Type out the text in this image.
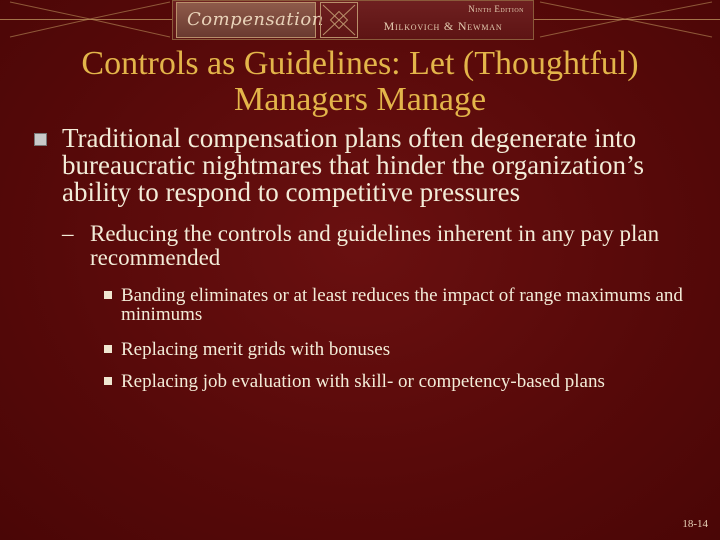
Compensation	Ninth Edition
Milkovich & Newman
Controls as Guidelines: Let (Thoughtful) Managers Manage
Traditional compensation plans often degenerate into bureaucratic nightmares that hinder the organization’s ability to respond to competitive pressures
– Reducing the controls and guidelines inherent in any pay plan recommended
Banding eliminates or at least reduces the impact of range maximums and minimums
Replacing merit grids with bonuses
Replacing job evaluation with skill- or competency-based plans
18-14
